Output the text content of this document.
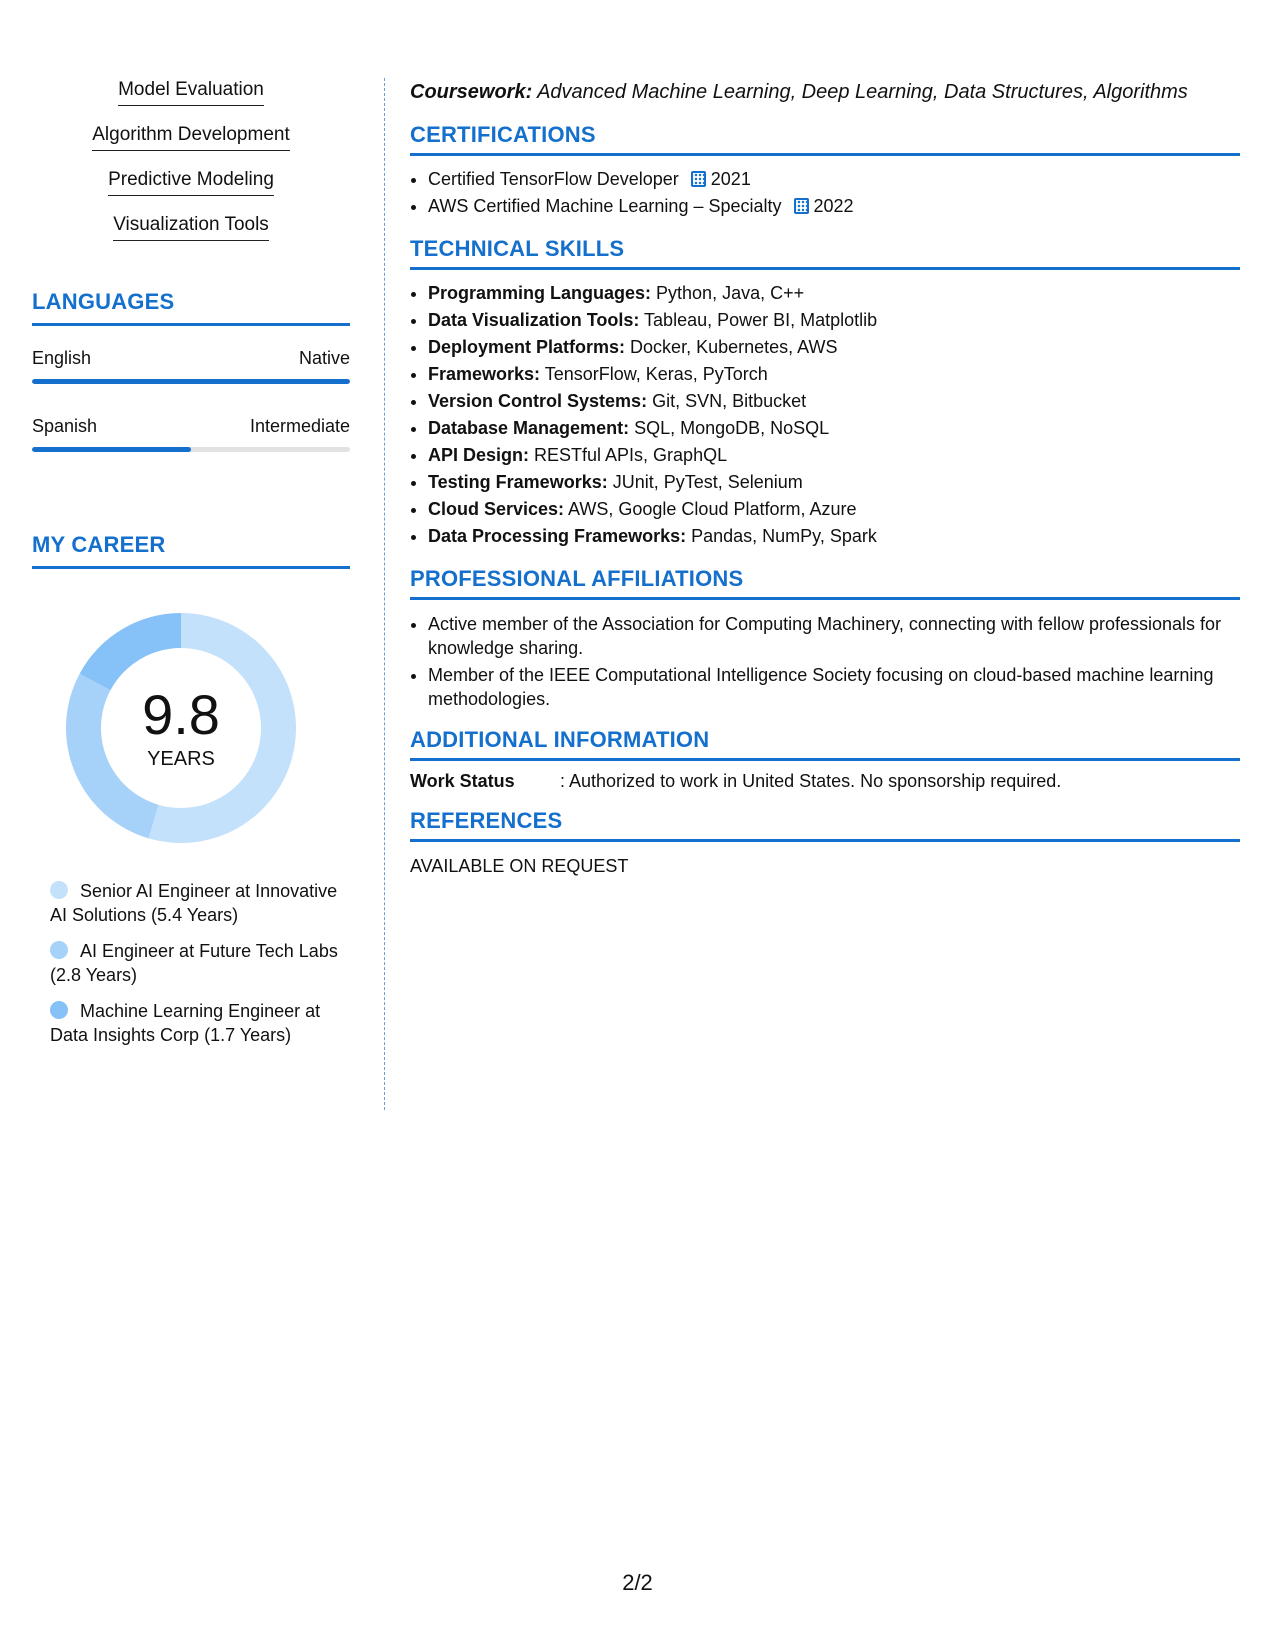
Model Evaluation
Algorithm Development
Predictive Modeling
Visualization Tools
LANGUAGES
English	Native
Spanish	Intermediate
MY CAREER
9.8
YEARS
Senior AI Engineer at Innovative AI Solutions (5.4 Years)
AI Engineer at Future Tech Labs (2.8 Years)
Machine Learning Engineer at Data Insights Corp (1.7 Years)
Coursework: Advanced Machine Learning, Deep Learning, Data Structures, Algorithms
CERTIFICATIONS
• Certified TensorFlow Developer 2021
• AWS Certified Machine Learning – Specialty 2022
TECHNICAL SKILLS
• Programming Languages: Python, Java, C++
• Data Visualization Tools: Tableau, Power BI, Matplotlib
• Deployment Platforms: Docker, Kubernetes, AWS
• Frameworks: TensorFlow, Keras, PyTorch
• Version Control Systems: Git, SVN, Bitbucket
• Database Management: SQL, MongoDB, NoSQL
• API Design: RESTful APIs, GraphQL
• Testing Frameworks: JUnit, PyTest, Selenium
• Cloud Services: AWS, Google Cloud Platform, Azure
• Data Processing Frameworks: Pandas, NumPy, Spark
PROFESSIONAL AFFILIATIONS
• Active member of the Association for Computing Machinery, connecting with fellow professionals for knowledge sharing.
• Member of the IEEE Computational Intelligence Society focusing on cloud-based machine learning methodologies.
ADDITIONAL INFORMATION
Work Status	: Authorized to work in United States. No sponsorship required.
REFERENCES
AVAILABLE ON REQUEST
2/2
